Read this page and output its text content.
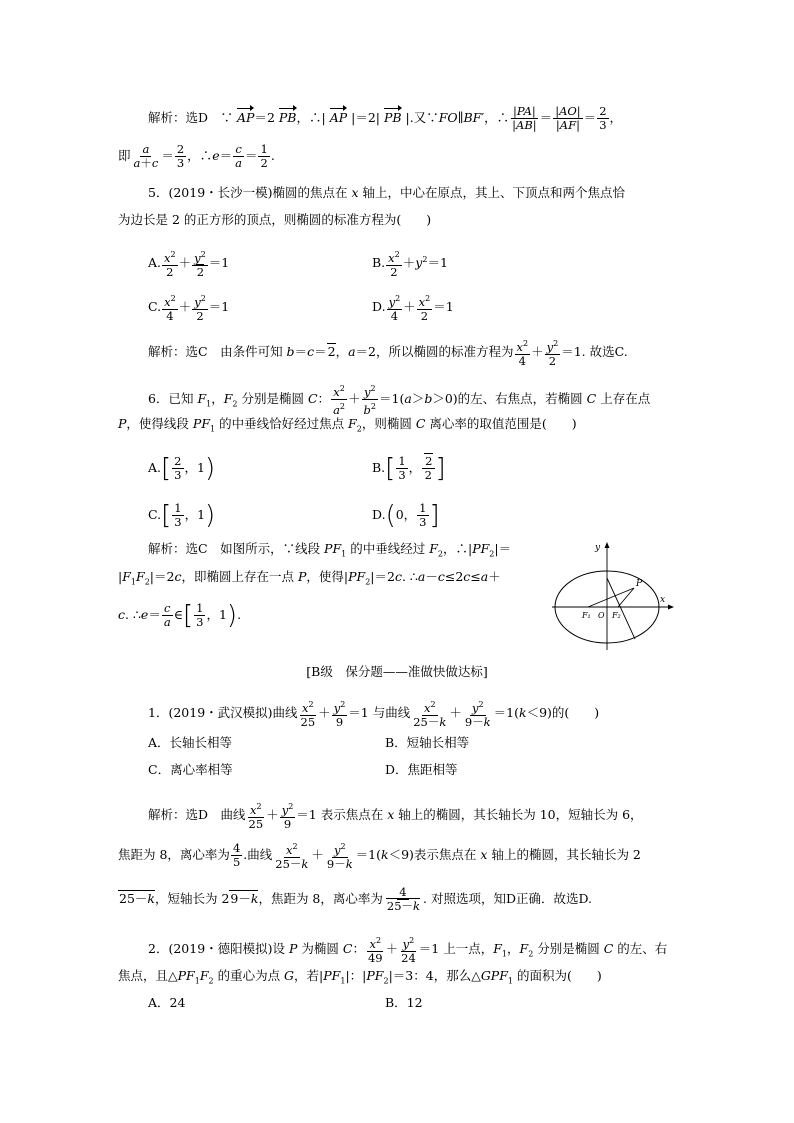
解析：选D　∵ AP＝2 PB，∴| AP |＝2| PB |.又∵FO∥BF′，∴ $\frac{|PA|}{|AB|} = \frac{|AO|}{|AF|} = \frac{2}{3}$ ，
即 $\frac{a}{a+c} = \frac{2}{3}$ ，∴e＝ $\frac{c}{a} = \frac{1}{2}$ .
5．(2019・长沙一模)椭圆的焦点在 x 轴上，中心在原点，其上、下顶点和两个焦点恰
为边长是 2 的正方形的顶点，则椭圆的标准方程为(　　)
A. $\frac{x^2}{2} + \frac{y^2}{2} =1$	B. $\frac{x^2}{2} +y^2=1$
C. $\frac{x^2}{4} + \frac{y^2}{2} =1$	D. $\frac{y^2}{4} + \frac{x^2}{2} =1$
解析：选C　由条件可知 b＝c＝2，a＝2，所以椭圆的标准方程为 $\frac{x^2}{4} + \frac{y^2}{2} =1$. 故选C.
6．已知 $F_1$，$F_2$ 分别是椭圆 C： $\frac{x^2}{a^2} + \frac{y^2}{b^2} =1(a>b>0)$的左、右焦点，若椭圆 C 上存在点
P，使得线段 $PF_1$ 的中垂线恰好经过焦点 $F_2$，则椭圆 C 离心率的取值范围是(　　)
$A.[ \frac{2}{3}$ ，1)	$B.[ \frac{1}{3}$ ， $\frac{2}{2}$ ]
$C.[ \frac{1}{3}$ ，1)	D.(0， $\frac{1}{3}$ ]
解析：选C　如图所示，∵线段 $PF_1$ 的中垂线经过 $F_2$，$\therefore|PF_2|=$
$|F_1F_2|=2c$，即椭圆上存在一点 P，使得$|PF_2|=2c$. ∴a－c≤2c≤a＋
c. ∴e＝ $\frac{c}{a}$ ∈[ $\frac{1}{3}$ ，1).
y
x
P
F₁ O F₂
[B级　保分题——准做快做达标]
1．(2019・武汉模拟)曲线 $\frac{x^2}{25} + \frac{y^2}{9} =1$ 与曲线 $\frac{x^2}{25-k} + \frac{y^2}{9-k} =1(k<9)$的(　　)
A．长轴长相等	B．短轴长相等
C．离心率相等	D．焦距相等
解析：选D　曲线 $\frac{x^2}{25} + \frac{y^2}{9} =1$ 表示焦点在 x 轴上的椭圆，其长轴长为 10，短轴长为 6，
焦距为 8，离心率为 $\frac{4}{5}$ .曲线 $\frac{x^2}{25-k} + \frac{y^2}{9-k} =1(k<9)$表示焦点在 x 轴上的椭圆，其长轴长为 2
25－k，短轴长为 29－k，焦距为 8，离心率为 $\frac{4}{25-k}$ . 对照选项，知D正确．故选D.
2．(2019・德阳模拟)设 P 为椭圆 C： $\frac{x^2}{49} + \frac{y^2}{24} =1$ 上一点，$F_1$，$F_2$ 分别是椭圆 C 的左、右
焦点，且$\triangle PF_1F_2$ 的重心为点 G，若$|PF_1|$：$|PF_2|=3$：4，那么$\triangle GPF_1$ 的面积为(　　)
A．24	B．12
